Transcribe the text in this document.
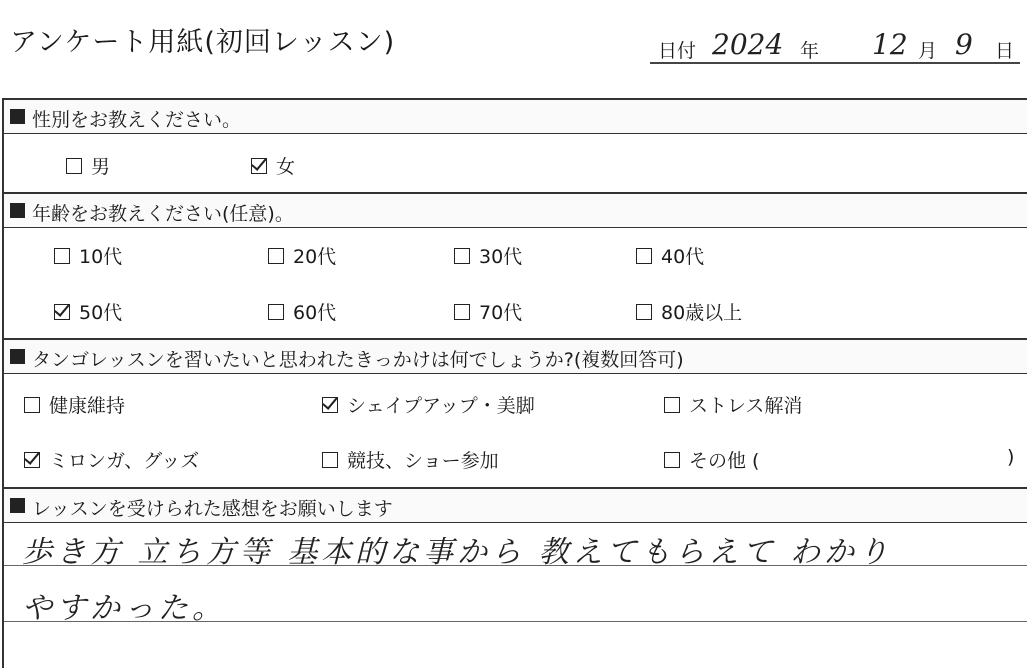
アンケート用紙(初回レッスン)	日付 2024 年 12 月 9 日
性別をお教えください。
男	女
年齢をお教えください(任意)。
10代	20代	30代	40代
50代	60代	70代	80歳以上
タンゴレッスンを習いたいと思われたきっかけは何でしょうか?(複数回答可)
健康維持	シェイプアップ・美脚	ストレス解消
ミロンガ、グッズ	競技、ショー参加	その他 (	)
レッスンを受けられた感想をお願いします
歩き方 立ち方等 基本的な事から 教えてもらえて わかり
やすかった。
